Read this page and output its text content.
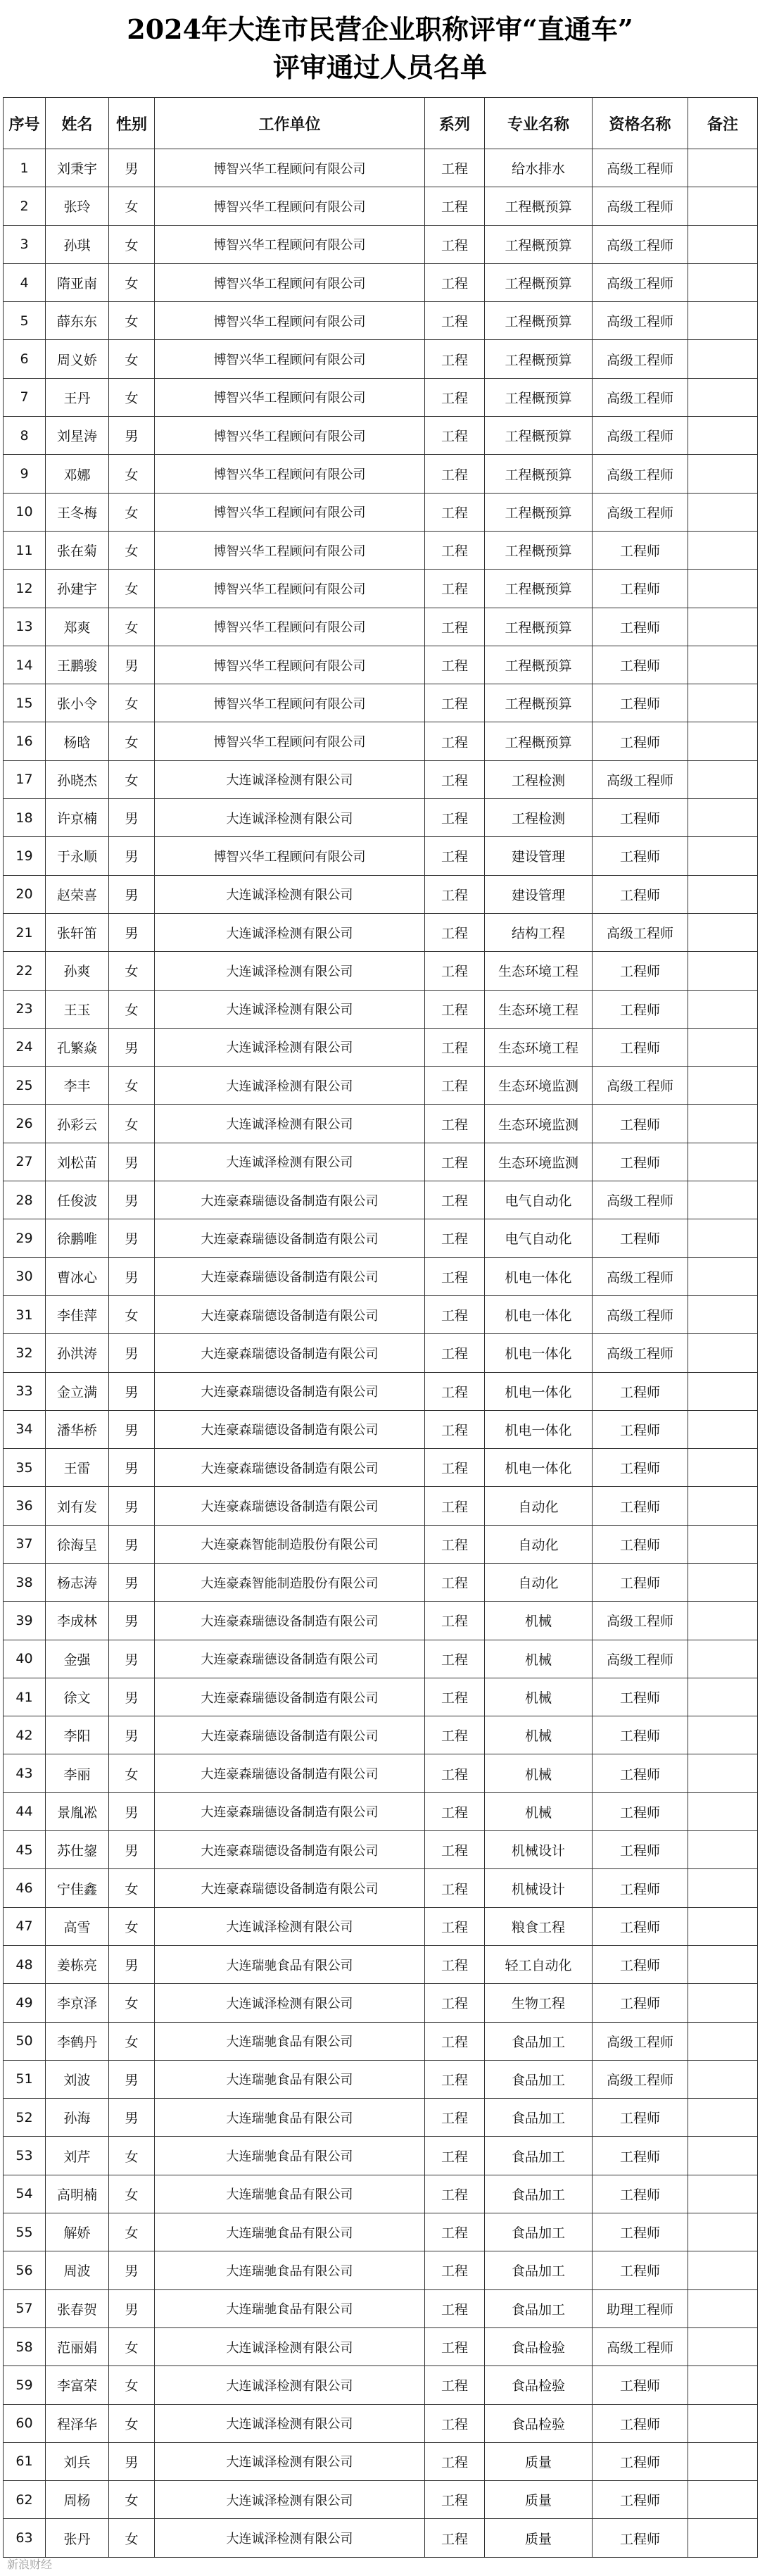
2024年大连市民营企业职称评审“直通车”
评审通过人员名单
序号	姓名	性别	工作单位	系列	专业名称	资格名称	备注
1	刘秉宇	男	博智兴华工程顾问有限公司	工程	给水排水	高级工程师	
2	张玲	女	博智兴华工程顾问有限公司	工程	工程概预算	高级工程师	
3	孙琪	女	博智兴华工程顾问有限公司	工程	工程概预算	高级工程师	
4	隋亚南	女	博智兴华工程顾问有限公司	工程	工程概预算	高级工程师	
5	薛东东	女	博智兴华工程顾问有限公司	工程	工程概预算	高级工程师	
6	周义娇	女	博智兴华工程顾问有限公司	工程	工程概预算	高级工程师	
7	王丹	女	博智兴华工程顾问有限公司	工程	工程概预算	高级工程师	
8	刘星涛	男	博智兴华工程顾问有限公司	工程	工程概预算	高级工程师	
9	邓娜	女	博智兴华工程顾问有限公司	工程	工程概预算	高级工程师	
10	王冬梅	女	博智兴华工程顾问有限公司	工程	工程概预算	高级工程师	
11	张在菊	女	博智兴华工程顾问有限公司	工程	工程概预算	工程师	
12	孙建宇	女	博智兴华工程顾问有限公司	工程	工程概预算	工程师	
13	郑爽	女	博智兴华工程顾问有限公司	工程	工程概预算	工程师	
14	王鹏骏	男	博智兴华工程顾问有限公司	工程	工程概预算	工程师	
15	张小令	女	博智兴华工程顾问有限公司	工程	工程概预算	工程师	
16	杨晗	女	博智兴华工程顾问有限公司	工程	工程概预算	工程师	
17	孙晓杰	女	大连诚泽检测有限公司	工程	工程检测	高级工程师	
18	许京楠	男	大连诚泽检测有限公司	工程	工程检测	工程师	
19	于永顺	男	博智兴华工程顾问有限公司	工程	建设管理	工程师	
20	赵荣喜	男	大连诚泽检测有限公司	工程	建设管理	工程师	
21	张轩笛	男	大连诚泽检测有限公司	工程	结构工程	高级工程师	
22	孙爽	女	大连诚泽检测有限公司	工程	生态环境工程	工程师	
23	王玉	女	大连诚泽检测有限公司	工程	生态环境工程	工程师	
24	孔繁焱	男	大连诚泽检测有限公司	工程	生态环境工程	工程师	
25	李丰	女	大连诚泽检测有限公司	工程	生态环境监测	高级工程师	
26	孙彩云	女	大连诚泽检测有限公司	工程	生态环境监测	工程师	
27	刘松苗	男	大连诚泽检测有限公司	工程	生态环境监测	工程师	
28	任俊波	男	大连豪森瑞德设备制造有限公司	工程	电气自动化	高级工程师	
29	徐鹏唯	男	大连豪森瑞德设备制造有限公司	工程	电气自动化	工程师	
30	曹冰心	男	大连豪森瑞德设备制造有限公司	工程	机电一体化	高级工程师	
31	李佳萍	女	大连豪森瑞德设备制造有限公司	工程	机电一体化	高级工程师	
32	孙洪涛	男	大连豪森瑞德设备制造有限公司	工程	机电一体化	高级工程师	
33	金立满	男	大连豪森瑞德设备制造有限公司	工程	机电一体化	工程师	
34	潘华桥	男	大连豪森瑞德设备制造有限公司	工程	机电一体化	工程师	
35	王雷	男	大连豪森瑞德设备制造有限公司	工程	机电一体化	工程师	
36	刘有发	男	大连豪森瑞德设备制造有限公司	工程	自动化	工程师	
37	徐海呈	男	大连豪森智能制造股份有限公司	工程	自动化	工程师	
38	杨志涛	男	大连豪森智能制造股份有限公司	工程	自动化	工程师	
39	李成林	男	大连豪森瑞德设备制造有限公司	工程	机械	高级工程师	
40	金强	男	大连豪森瑞德设备制造有限公司	工程	机械	高级工程师	
41	徐文	男	大连豪森瑞德设备制造有限公司	工程	机械	工程师	
42	李阳	男	大连豪森瑞德设备制造有限公司	工程	机械	工程师	
43	李丽	女	大连豪森瑞德设备制造有限公司	工程	机械	工程师	
44	景胤凇	男	大连豪森瑞德设备制造有限公司	工程	机械	工程师	
45	苏仕鋆	男	大连豪森瑞德设备制造有限公司	工程	机械设计	工程师	
46	宁佳鑫	女	大连豪森瑞德设备制造有限公司	工程	机械设计	工程师	
47	高雪	女	大连诚泽检测有限公司	工程	粮食工程	工程师	
48	姜栋亮	男	大连瑞驰食品有限公司	工程	轻工自动化	工程师	
49	李京泽	女	大连诚泽检测有限公司	工程	生物工程	工程师	
50	李鹤丹	女	大连瑞驰食品有限公司	工程	食品加工	高级工程师	
51	刘波	男	大连瑞驰食品有限公司	工程	食品加工	高级工程师	
52	孙海	男	大连瑞驰食品有限公司	工程	食品加工	工程师	
53	刘芹	女	大连瑞驰食品有限公司	工程	食品加工	工程师	
54	高明楠	女	大连瑞驰食品有限公司	工程	食品加工	工程师	
55	解娇	女	大连瑞驰食品有限公司	工程	食品加工	工程师	
56	周波	男	大连瑞驰食品有限公司	工程	食品加工	工程师	
57	张春贺	男	大连瑞驰食品有限公司	工程	食品加工	助理工程师	
58	范丽娟	女	大连诚泽检测有限公司	工程	食品检验	高级工程师	
59	李富荣	女	大连诚泽检测有限公司	工程	食品检验	工程师	
60	程泽华	女	大连诚泽检测有限公司	工程	食品检验	工程师	
61	刘兵	男	大连诚泽检测有限公司	工程	质量	工程师	
62	周杨	女	大连诚泽检测有限公司	工程	质量	工程师	
63	张丹	女	大连诚泽检测有限公司	工程	质量	工程师	
新浪财经
